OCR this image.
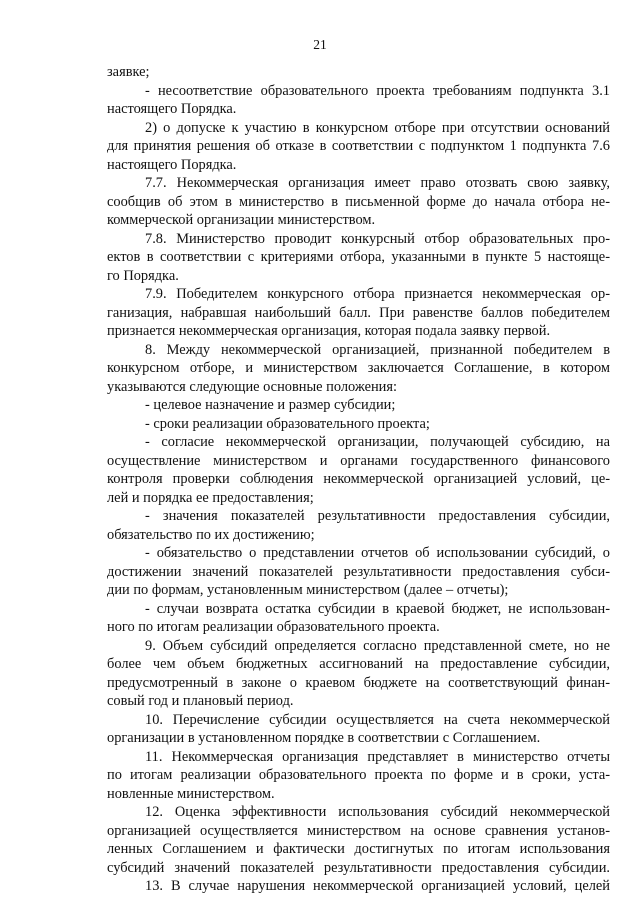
21
заявке;
- несоответствие образовательного проекта требованиям подпункта 3.1
настоящего Порядка.
2) о допуске к участию в конкурсном отборе при отсутствии оснований
для принятия решения об отказе в соответствии с подпунктом 1 подпункта 7.6
настоящего Порядка.
7.7. Некоммерческая организация имеет право отозвать свою заявку,
сообщив об этом в министерство в письменной форме до начала отбора не-
коммерческой организации министерством.
7.8. Министерство проводит конкурсный отбор образовательных про-
ектов в соответствии с критериями отбора, указанными в пункте 5 настояще-
го Порядка.
7.9. Победителем конкурсного отбора признается некоммерческая ор-
ганизация, набравшая наибольший балл. При равенстве баллов победителем
признается некоммерческая организация, которая подала заявку первой.
8. Между некоммерческой организацией, признанной победителем в
конкурсном отборе, и министерством заключается Соглашение, в котором
указываются следующие основные положения:
- целевое назначение и размер субсидии;
- сроки реализации образовательного проекта;
- согласие некоммерческой организации, получающей субсидию, на
осуществление министерством и органами государственного финансового
контроля проверки соблюдения некоммерческой организацией условий, це-
лей и порядка ее предоставления;
- значения показателей результативности предоставления субсидии,
обязательство по их достижению;
- обязательство о представлении отчетов об использовании субсидий, о
достижении значений показателей результативности предоставления субси-
дии по формам, установленным министерством (далее – отчеты);
- случаи возврата остатка субсидии в краевой бюджет, не использован-
ного по итогам реализации образовательного проекта.
9. Объем субсидий определяется согласно представленной смете, но не
более чем объем бюджетных ассигнований на предоставление субсидии,
предусмотренный в законе о краевом бюджете на соответствующий финан-
совый год и плановый период.
10. Перечисление субсидии осуществляется на счета некоммерческой
организации в установленном порядке в соответствии с Соглашением.
11. Некоммерческая организация представляет в министерство отчеты
по итогам реализации образовательного проекта по форме и в сроки, уста-
новленные министерством.
12. Оценка эффективности использования субсидий некоммерческой
организацией осуществляется министерством на основе сравнения установ-
ленных Соглашением и фактически достигнутых по итогам использования
субсидий значений показателей результативности предоставления субсидии.
13. В случае нарушения некоммерческой организацией условий, целей
